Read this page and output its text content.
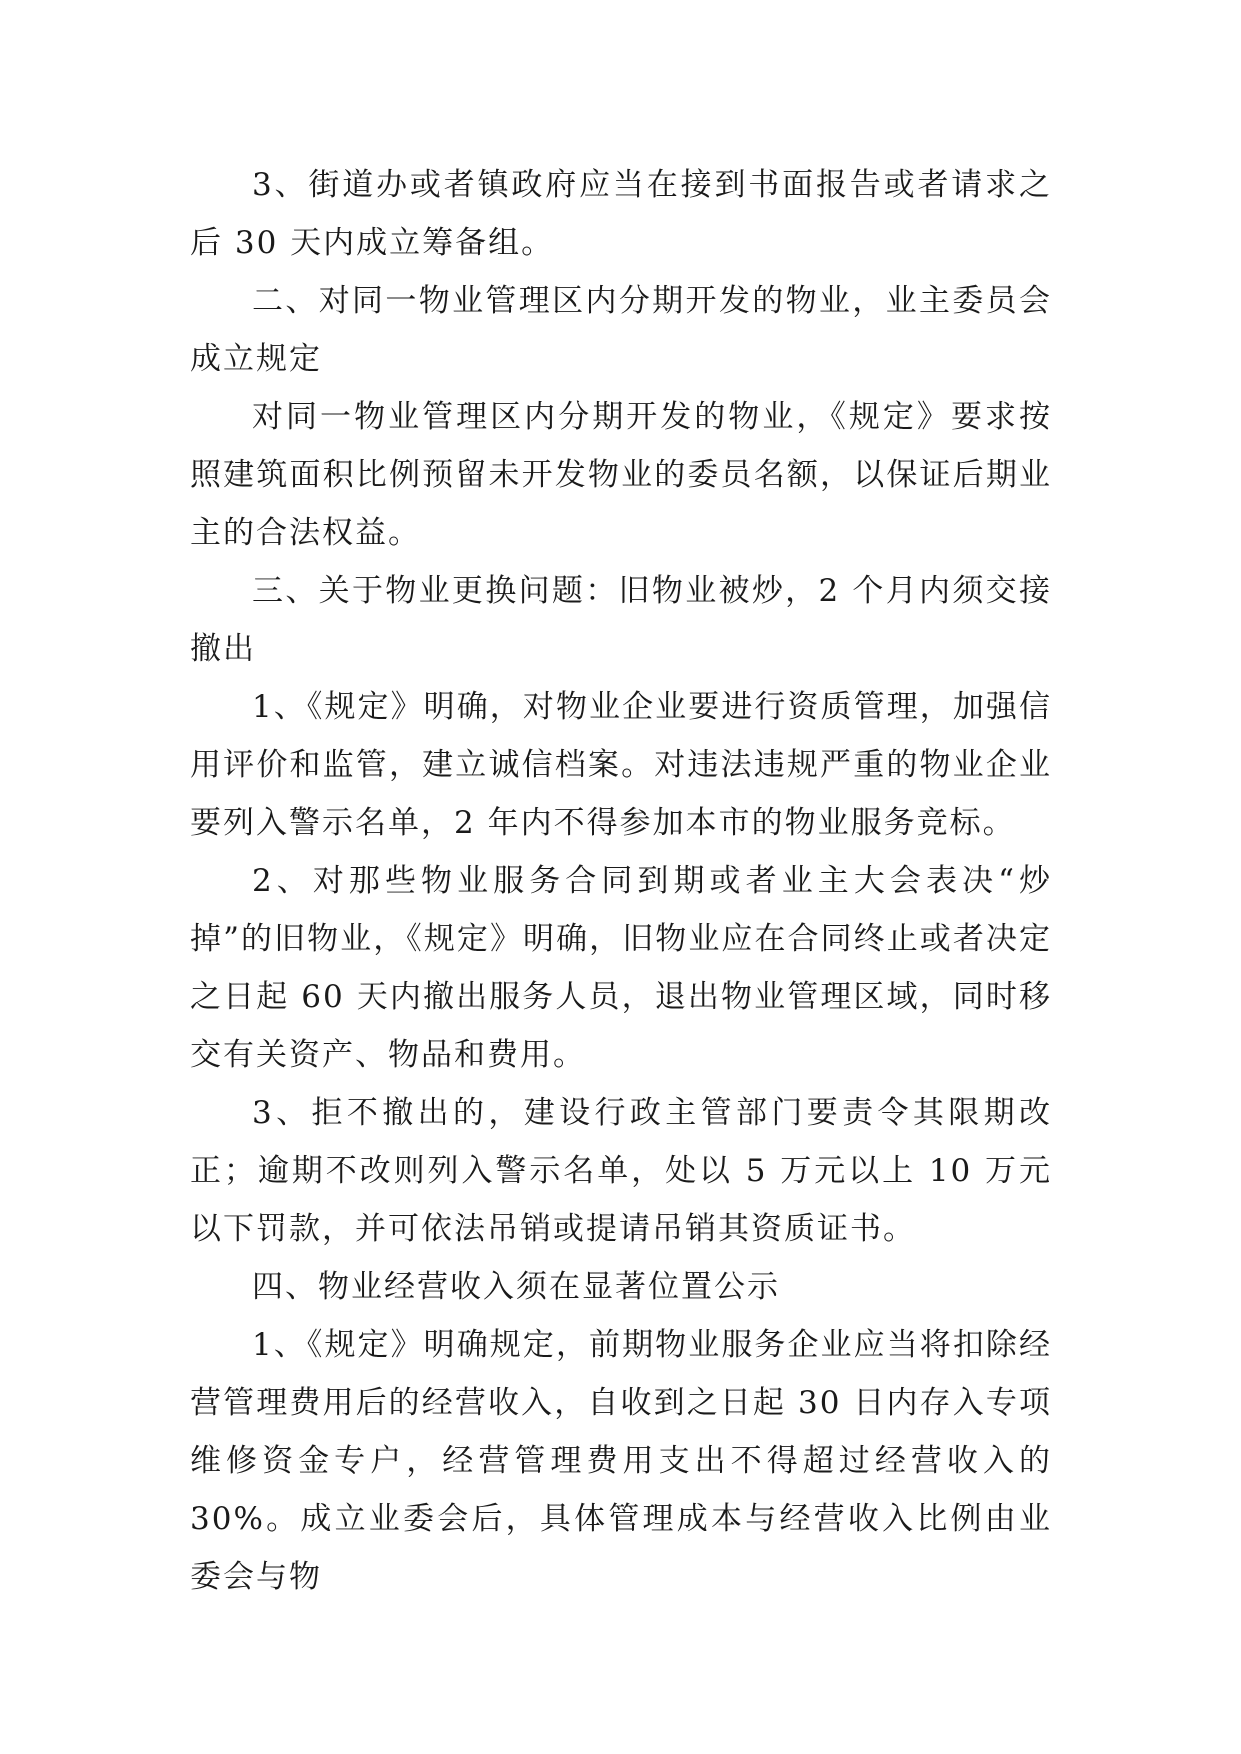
3、街道办或者镇政府应当在接到书面报告或者请求之后 30 天内成立筹备组。

二、对同一物业管理区内分期开发的物业，业主委员会成立规定

对同一物业管理区内分期开发的物业，《规定》要求按照建筑面积比例预留未开发物业的委员名额，以保证后期业主的合法权益。

三、关于物业更换问题：旧物业被炒，2 个月内须交接撤出

1、《规定》明确，对物业企业要进行资质管理，加强信用评价和监管，建立诚信档案。对违法违规严重的物业企业要列入警示名单，2 年内不得参加本市的物业服务竞标。

2、对那些物业服务合同到期或者业主大会表决“炒掉”的旧物业，《规定》明确，旧物业应在合同终止或者决定之日起 60 天内撤出服务人员，退出物业管理区域，同时移交有关资产、物品和费用。

3、拒不撤出的，建设行政主管部门要责令其限期改正；逾期不改则列入警示名单，处以 5 万元以上 10 万元以下罚款，并可依法吊销或提请吊销其资质证书。

四、物业经营收入须在显著位置公示

1、《规定》明确规定，前期物业服务企业应当将扣除经营管理费用后的经营收入，自收到之日起 30 日内存入专项维修资金专户，经营管理费用支出不得超过经营收入的 30%。成立业委会后，具体管理成本与经营收入比例由业委会与物
